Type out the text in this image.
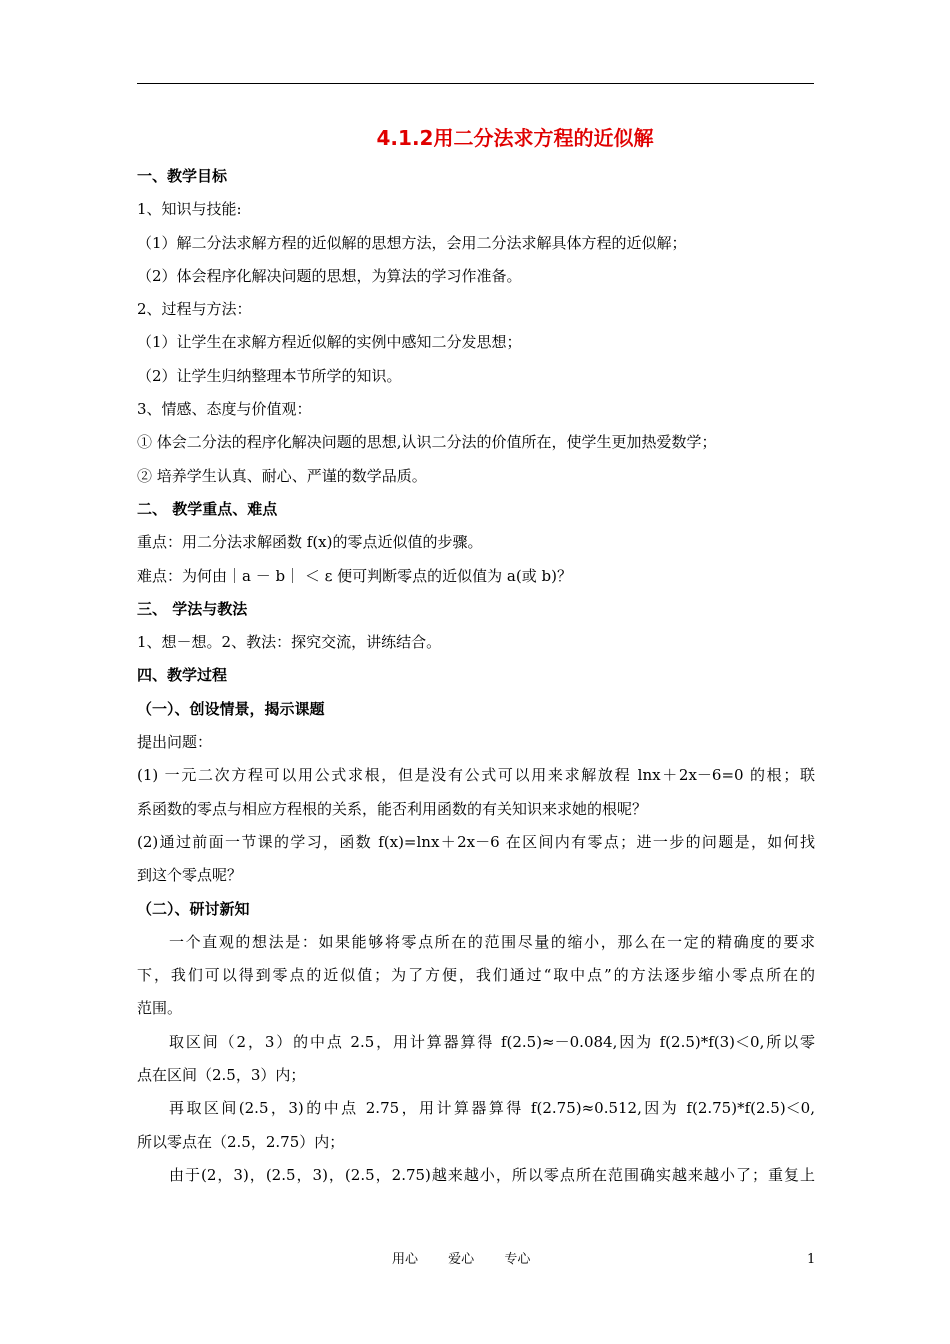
4.1.2用二分法求方程的近似解
一、教学目标
1、知识与技能:
（1）解二分法求解方程的近似解的思想方法，会用二分法求解具体方程的近似解；
（2）体会程序化解决问题的思想，为算法的学习作准备。
2、过程与方法：
（1）让学生在求解方程近似解的实例中感知二分发思想；
（2）让学生归纳整理本节所学的知识。
3、情感、态度与价值观：
① 体会二分法的程序化解决问题的思想,认识二分法的价值所在，使学生更加热爱数学；
② 培养学生认真、耐心、严谨的数学品质。
二、 教学重点、难点
重点：用二分法求解函数 f(x)的零点近似值的步骤。
难点：为何由｜a － b｜ ＜ ε 便可判断零点的近似值为 a(或 b)？
三、 学法与教法
1、想－想。2、教法：探究交流，讲练结合。
四、教学过程
（一）、创设情景，揭示课题
提出问题：
(1) 一元二次方程可以用公式求根，但是没有公式可以用来求解放程 lnx＋2x－6=0 的根；联
系函数的零点与相应方程根的关系，能否利用函数的有关知识来求她的根呢？
(2)通过前面一节课的学习，函数 f(x)=lnx＋2x－6 在区间内有零点；进一步的问题是，如何找
到这个零点呢？
（二）、研讨新知
一个直观的想法是：如果能够将零点所在的范围尽量的缩小，那么在一定的精确度的要求
下，我们可以得到零点的近似值；为了方便，我们通过“取中点”的方法逐步缩小零点所在的
范围。
取区间（2，3）的中点 2.5，用计算器算得 f(2.5)≈－0.084,因为 f(2.5)*f(3)＜0,所以零
点在区间（2.5，3）内；
再取区间(2.5，3)的中点 2.75，用计算器算得 f(2.75)≈0.512,因为 f(2.75)*f(2.5)＜0,
所以零点在（2.5，2.75）内；
由于(2，3)，(2.5，3)，(2.5，2.75)越来越小，所以零点所在范围确实越来越小了；重复上
用心 爱心 专心	1
